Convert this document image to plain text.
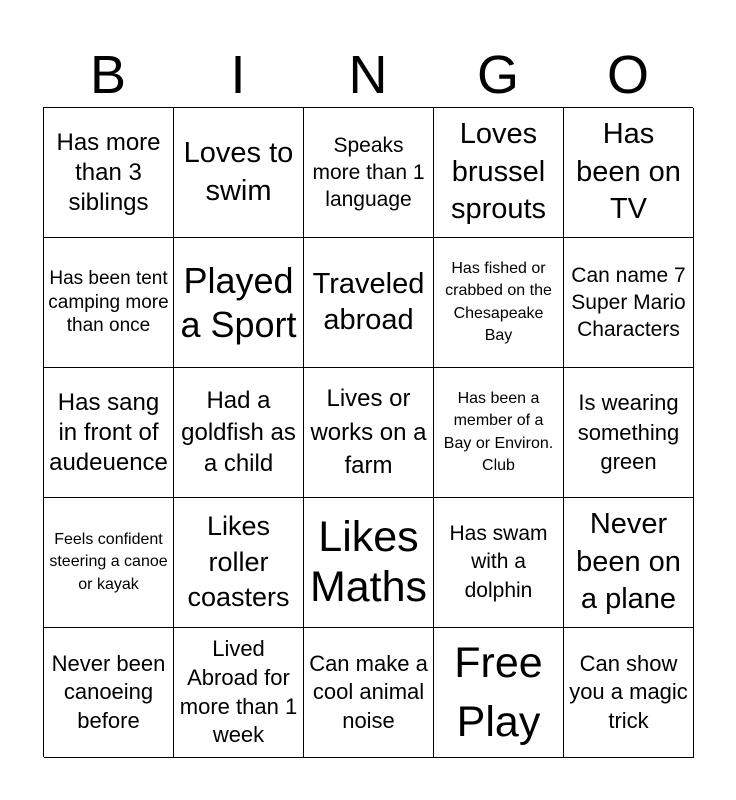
B	I	N	G	O
Has more than 3 siblings
Loves to swim
Speaks more than 1 language
Loves brussel sprouts
Has been on TV
Has been tent camping more than once
Played a Sport
Traveled abroad
Has fished or crabbed on the Chesapeake Bay
Can name 7 Super Mario Characters
Has sang in front of audeuence
Had a goldfish as a child
Lives or works on a farm
Has been a member of a Bay or Environ. Club
Is wearing something green
Feels confident steering a canoe or kayak
Likes roller coasters
Likes Maths
Has swam with a dolphin
Never been on a plane
Never been canoeing before
Lived Abroad for more than 1 week
Can make a cool animal noise
Free Play
Can show you a magic trick
